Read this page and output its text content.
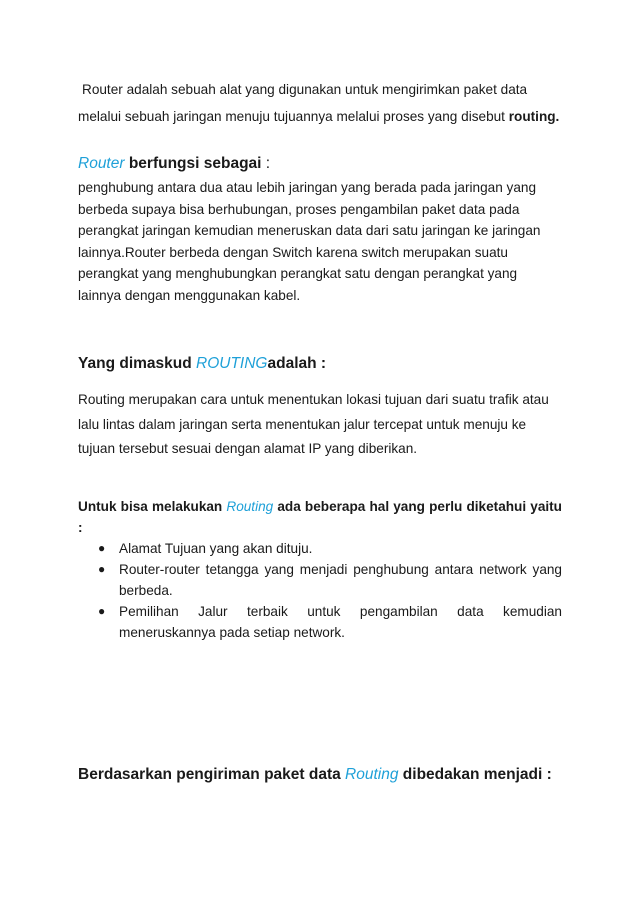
Router adalah sebuah alat yang digunakan untuk mengirimkan paket data melalui sebuah jaringan menuju tujuannya melalui proses yang disebut routing.

Router berfungsi sebagai :

penghubung antara dua atau lebih jaringan yang berada pada jaringan yang berbeda supaya bisa berhubungan, proses pengambilan paket data pada perangkat jaringan kemudian meneruskan data dari satu jaringan ke jaringan lainnya.Router berbeda dengan Switch karena switch merupakan suatu perangkat yang menghubungkan perangkat satu dengan perangkat yang lainnya dengan menggunakan kabel.

Yang dimaskud ROUTINGadalah :

Routing merupakan cara untuk menentukan lokasi tujuan dari suatu trafik atau lalu lintas dalam jaringan serta menentukan jalur tercepat untuk menuju ke tujuan tersebut sesuai dengan alamat IP yang diberikan.

Untuk bisa melakukan Routing ada beberapa hal yang perlu diketahui yaitu :

● Alamat Tujuan yang akan dituju.
● Router-router tetangga yang menjadi penghubung antara network yang berbeda.
● Pemilihan Jalur terbaik untuk pengambilan data kemudian meneruskannya pada setiap network.
Berdasarkan pengiriman paket data Routing dibedakan menjadi :
